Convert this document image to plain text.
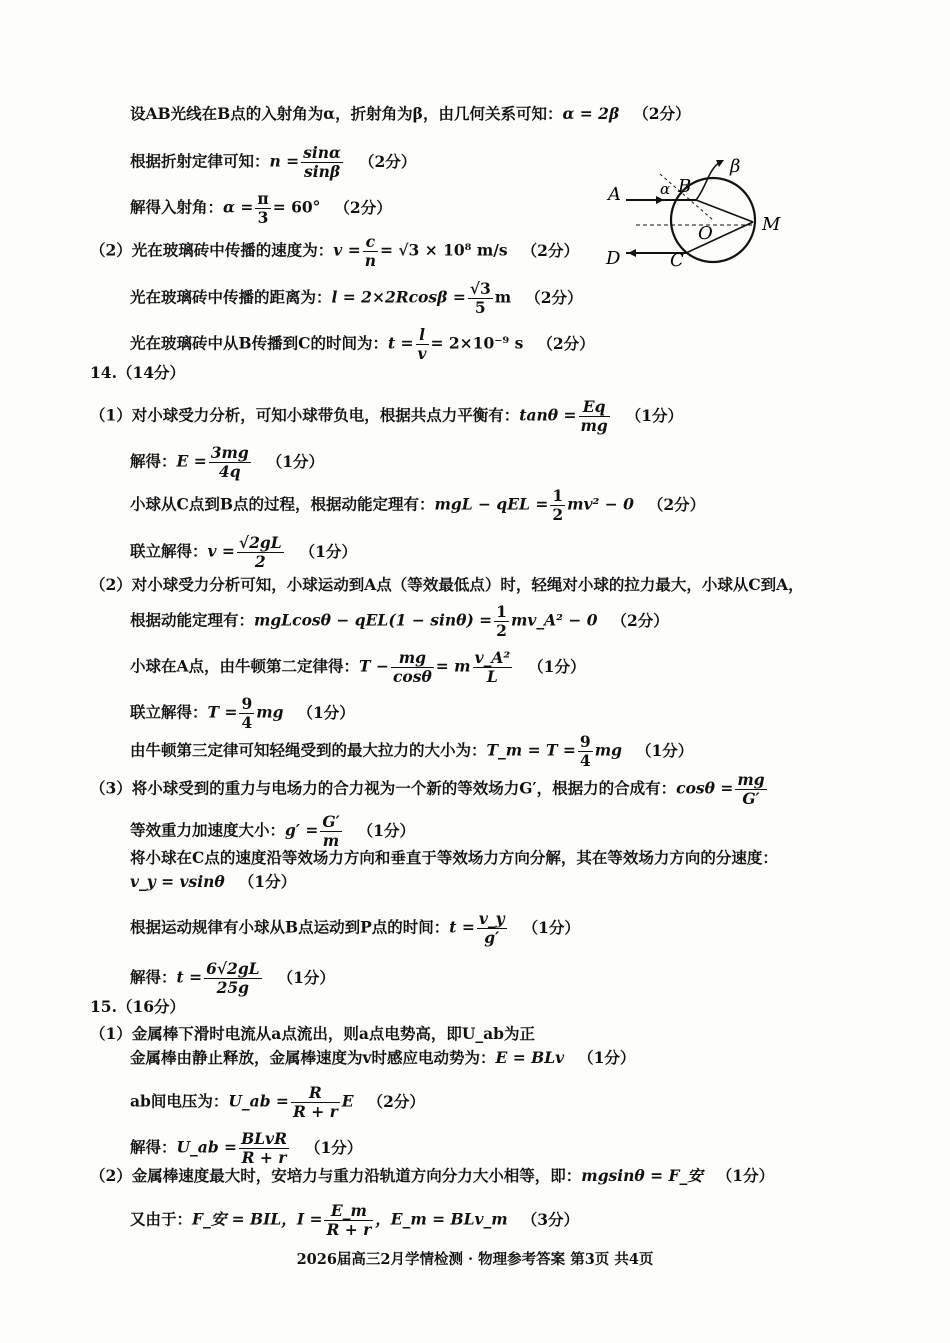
设AB光线在B点的入射角为α，折射角为β，由几何关系可知：α = 2β （2分）
根据折射定律可知：$n = \frac{\sin\alpha}{\sin\beta} (2$分）
解得入射角：$\alpha = \frac{\pi}{3} = 60^\circ$ （2分）
（2）光在玻璃砖中传播的速度为：$v = \frac{c}{n} = √3 \times 10^8$ m/s （2分）
光在玻璃砖中传播的距离为：$l = 2\times 2Rcos\beta = \frac{√3}{5}$ m （2分）
光在玻璃砖中从B传播到C的时间为：$t = \frac{l}{v} = 2\times 10^{-9}$ s （2分）
A	α B
β
O	M
D	C
14.（14分）
（1）对小球受力分析，可知小球带负电，根据共点力平衡有：$\tan\theta = \frac{Eq}{mg} (1$分）
解得：$E = \frac{3mg}{4q} (1$分）
小球从C点到B点的过程，根据动能定理有：mgL − qEL = $\frac{1}{2} mv^2 - 0$ （2分）
联立解得：$v = \frac{√2gL}{2} (1$分）
（2）对小球受力分析可知，小球运动到A点（等效最低点）时，轻绳对小球的拉力最大，小球从C到A，
根据动能定理有：$mgLcos\theta - qEL(1 - \sin\theta) = \frac{1}{2}$ mv_A² − 0 （2分）
小球在A点，由牛顿第二定律得：$T - \frac{mg}{\cos\theta} = m \frac{\text{v\_A²}}{L} (1$分）
联立解得：$T = \frac{9}{4}$ mg （1分）
由牛顿第三定律可知轻绳受到的最大拉力的大小为：T_m = $T = \frac{9}{4}$ mg （1分）
（3）将小球受到的重力与电场力的合力视为一个新的等效场力G′，根据力的合成有：$\cos\theta = \frac{mg}{G'}$
等效重力加速度大小：$g' = \frac{G'}{m} (1$分）
将小球在C点的速度沿等效场力方向和垂直于等效场力方向分解，其在等效场力方向的分速度：
v_y = vsinθ （1分）
根据运动规律有小球从B点运动到P点的时间：$t = \frac{v\_y}{g'} (1$分）
解得：$t = \frac{6√2gL}{25g} (1$分）
15.（16分）
（1）金属棒下滑时电流从a点流出，则a点电势高，即U_ab为正
金属棒由静止释放，金属棒速度为v时感应电动势为：E = BLv （1分）
ab间电压为：U_ab = $\frac{R}{R + r}$ E （2分）
解得：U_ab = $\frac{\text{BLvR}}{R + r} (1$分）
（2）金属棒速度最大时，安培力与重力沿轨道方向分力大小相等，即：mgsinθ = F_安 （1分）
又由于：F_安 = BIL，$I = \frac{E\_m}{R + r}$ ，E_m = BLv_m （3分）
2026届高三2月学情检测 · 物理参考答案 第3页 共4页
